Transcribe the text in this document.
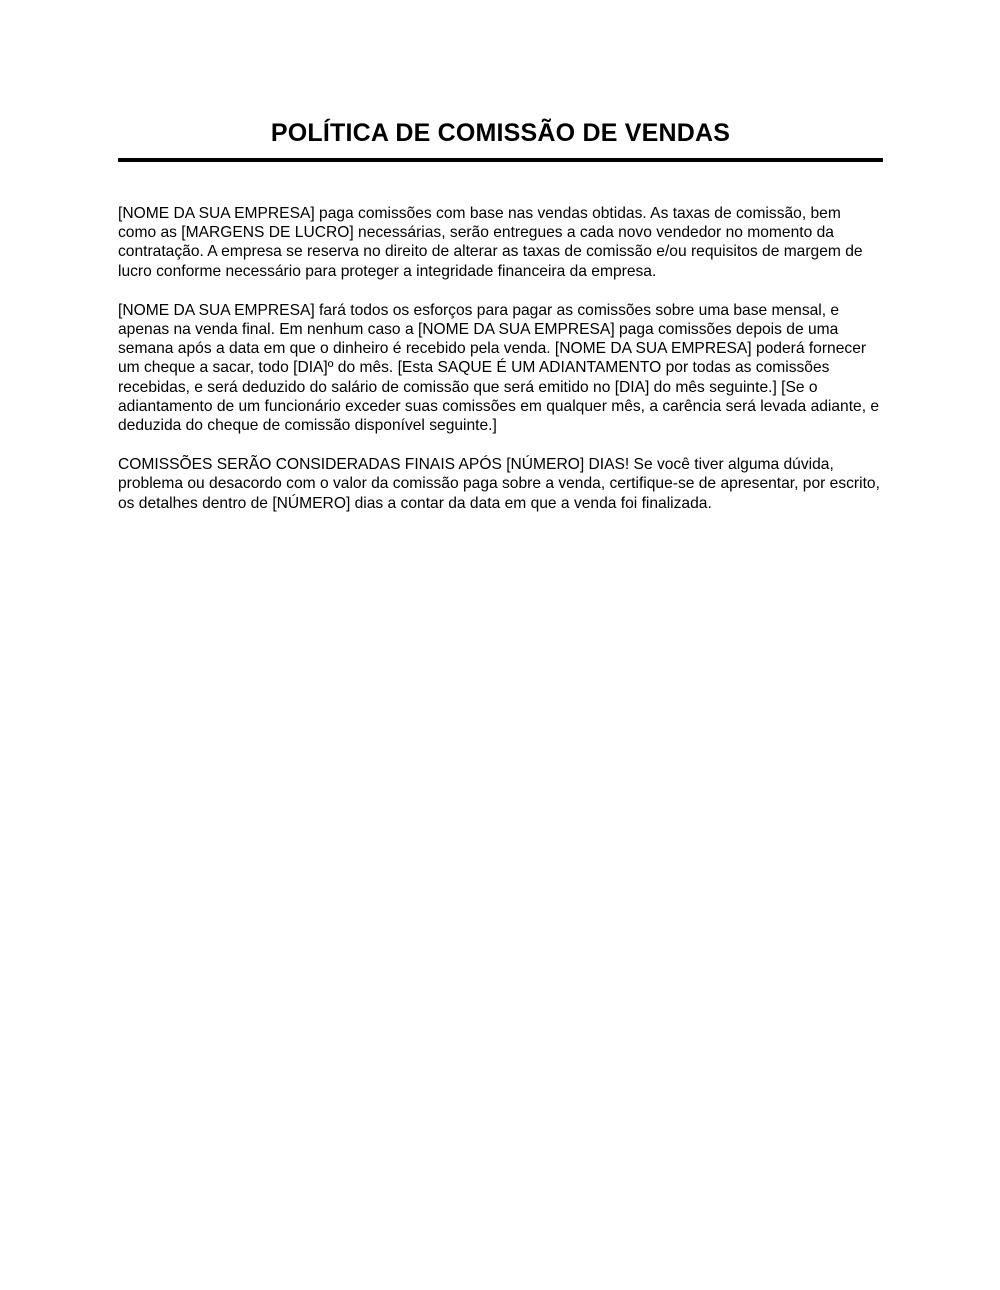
POLÍTICA DE COMISSÃO DE VENDAS

[NOME DA SUA EMPRESA] paga comissões com base nas vendas obtidas. As taxas de comissão, bem como as [MARGENS DE LUCRO] necessárias, serão entregues a cada novo vendedor no momento da contratação. A empresa se reserva no direito de alterar as taxas de comissão e/ou requisitos de margem de lucro conforme necessário para proteger a integridade financeira da empresa.

[NOME DA SUA EMPRESA] fará todos os esforços para pagar as comissões sobre uma base mensal, e apenas na venda final. Em nenhum caso a [NOME DA SUA EMPRESA] paga comissões depois de uma semana após a data em que o dinheiro é recebido pela venda. [NOME DA SUA EMPRESA] poderá fornecer um cheque a sacar, todo [DIA]º do mês. [Esta SAQUE É UM ADIANTAMENTO por todas as comissões recebidas, e será deduzido do salário de comissão que será emitido no [DIA] do mês seguinte.] [Se o adiantamento de um funcionário exceder suas comissões em qualquer mês, a carência será levada adiante, e deduzida do cheque de comissão disponível seguinte.]

COMISSÕES SERÃO CONSIDERADAS FINAIS APÓS [NÚMERO] DIAS! Se você tiver alguma dúvida, problema ou desacordo com o valor da comissão paga sobre a venda, certifique-se de apresentar, por escrito, os detalhes dentro de [NÚMERO] dias a contar da data em que a venda foi finalizada.
